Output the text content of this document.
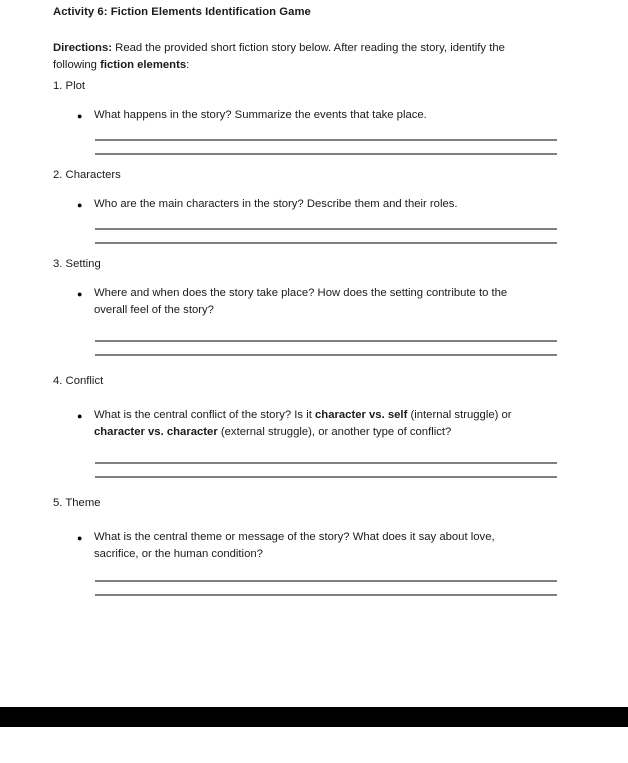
Activity 6: Fiction Elements Identification Game
Directions: Read the provided short fiction story below. After reading the story, identify the following fiction elements:
1. Plot
●	What happens in the story? Summarize the events that take place.
2. Characters
●	Who are the main characters in the story? Describe them and their roles.
3. Setting
●	Where and when does the story take place? How does the setting contribute to the overall feel of the story?
4. Conflict
●	What is the central conflict of the story? Is it character vs. self (internal struggle) or character vs. character (external struggle), or another type of conflict?
5. Theme
●	What is the central theme or message of the story? What does it say about love, sacrifice, or the human condition?
